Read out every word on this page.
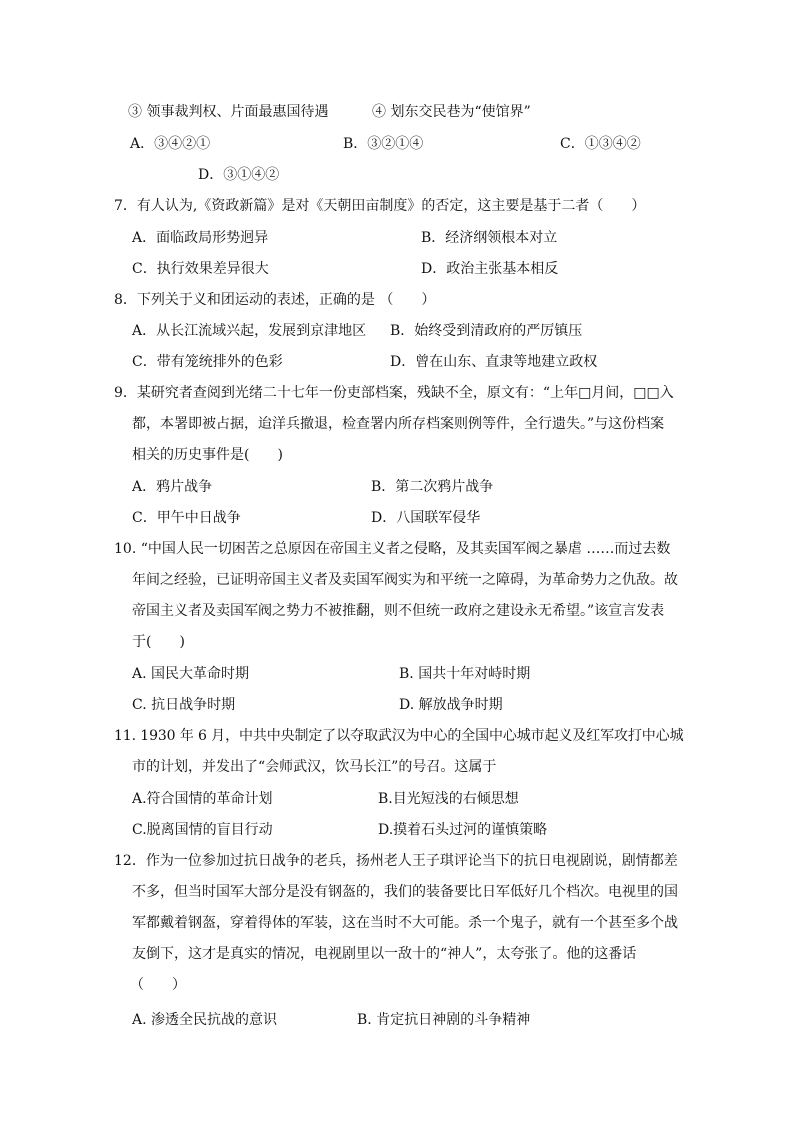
③ 领事裁判权、片面最惠国待遇	④ 划东交民巷为“使馆界”
A．③④②①	B．③②①④	C．①③④②
D．③①④②
7．有人认为,《资政新篇》是对《天朝田亩制度》的否定，这主要是基于二者（　　）
A．面临政局形势迥异	B．经济纲领根本对立
C．执行效果差异很大	D．政治主张基本相反
8．下列关于义和团运动的表述，正确的是 （　　）
A．从长江流域兴起，发展到京津地区 B．始终受到清政府的严厉镇压
C．带有笼统排外的色彩	D．曾在山东、直隶等地建立政权
9．某研究者查阅到光绪二十七年一份吏部档案，残缺不全，原文有：“上年□月间，□□入
都，本署即被占据，迨洋兵撤退，检查署内所存档案则例等件，全行遗失。”与这份档案
相关的历史事件是(　　)
A．鸦片战争	B．第二次鸦片战争
C．甲午中日战争	D．八国联军侵华
10. “中国人民一切困苦之总原因在帝国主义者之侵略，及其卖国军阀之暴虐 ……而过去数
年间之经验，已证明帝国主义者及卖国军阀实为和平统一之障碍，为革命势力之仇敌。故
帝国主义者及卖国军阀之势力不被推翻，则不但统一政府之建设永无希望。”该宣言发表
于(　　)
A. 国民大革命时期	B. 国共十年对峙时期
C. 抗日战争时期	D. 解放战争时期
11. 1930 年 6 月，中共中央制定了以夺取武汉为中心的全国中心城市起义及红军攻打中心城
市的计划，并发出了“会师武汉，饮马长江”的号召。这属于
A.符合国情的革命计划	B.目光短浅的右倾思想
C.脱离国情的盲目行动	D.摸着石头过河的谨慎策略
12．作为一位参加过抗日战争的老兵，扬州老人王子琪评论当下的抗日电视剧说，剧情都差
不多，但当时国军大部分是没有钢盔的，我们的装备要比日军低好几个档次。电视里的国
军都戴着钢盔，穿着得体的军装，这在当时不大可能。杀一个鬼子，就有一个甚至多个战
友倒下，这才是真实的情况，电视剧里以一敌十的“神人”，太夸张了。他的这番话
（　　）
A. 渗透全民抗战的意识	B. 肯定抗日神剧的斗争精神
